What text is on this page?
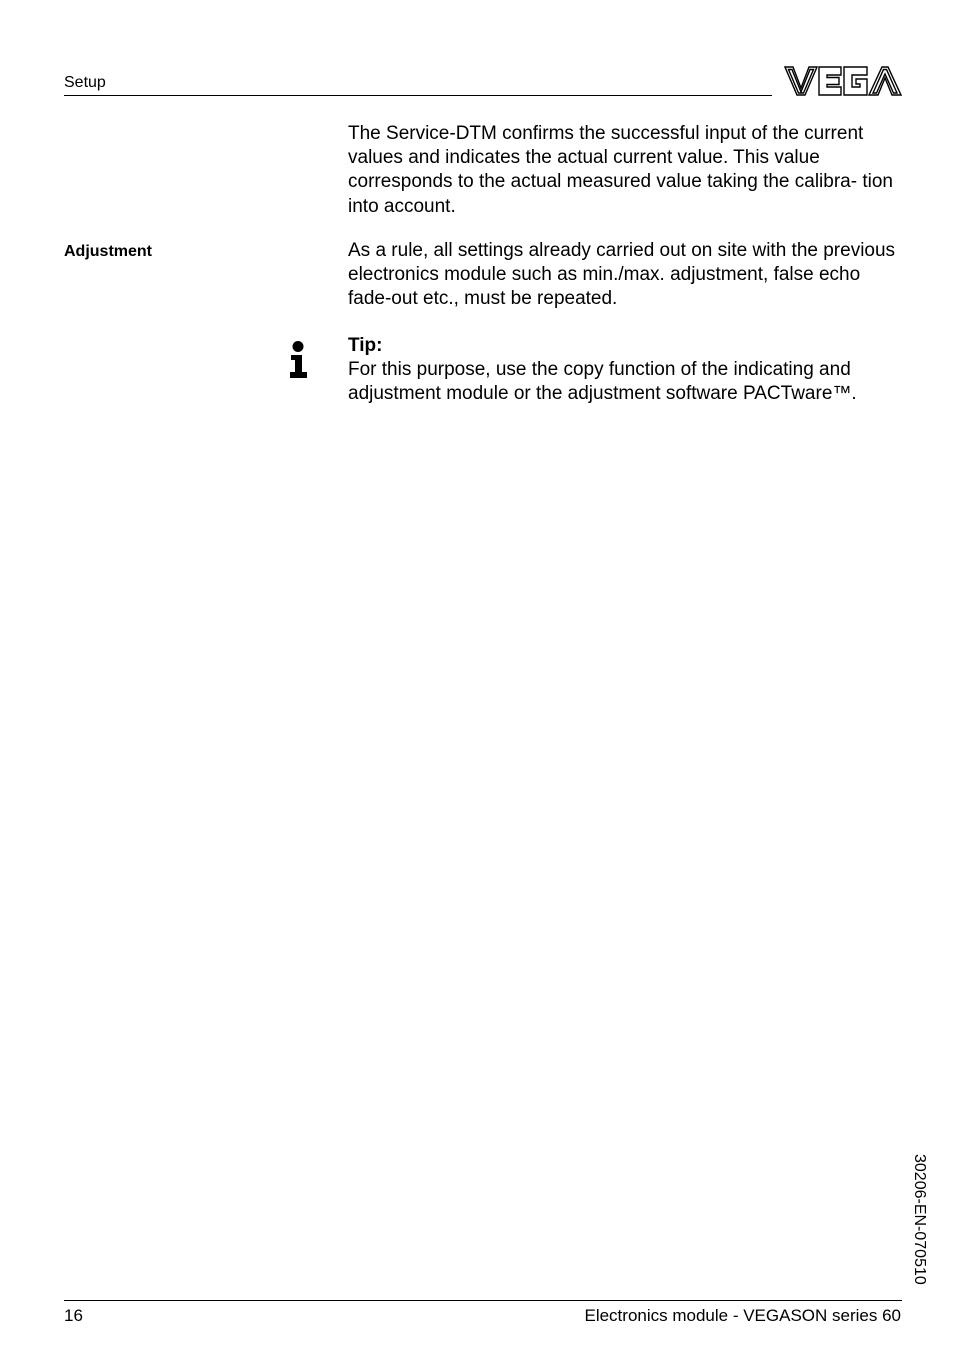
Setup

The Service-DTM confirms the successful input of the current values and indicates the actual current value. This value corresponds to the actual measured value taking the calibra- tion into account.

Adjustment	As a rule, all settings already carried out on site with the previous electronics module such as min./max. adjustment, false echo fade-out etc., must be repeated.

Tip:
For this purpose, use the copy function of the indicating and adjustment module or the adjustment software PACTware™.
30206-EN-070510
16	Electronics module - VEGASON series 60
